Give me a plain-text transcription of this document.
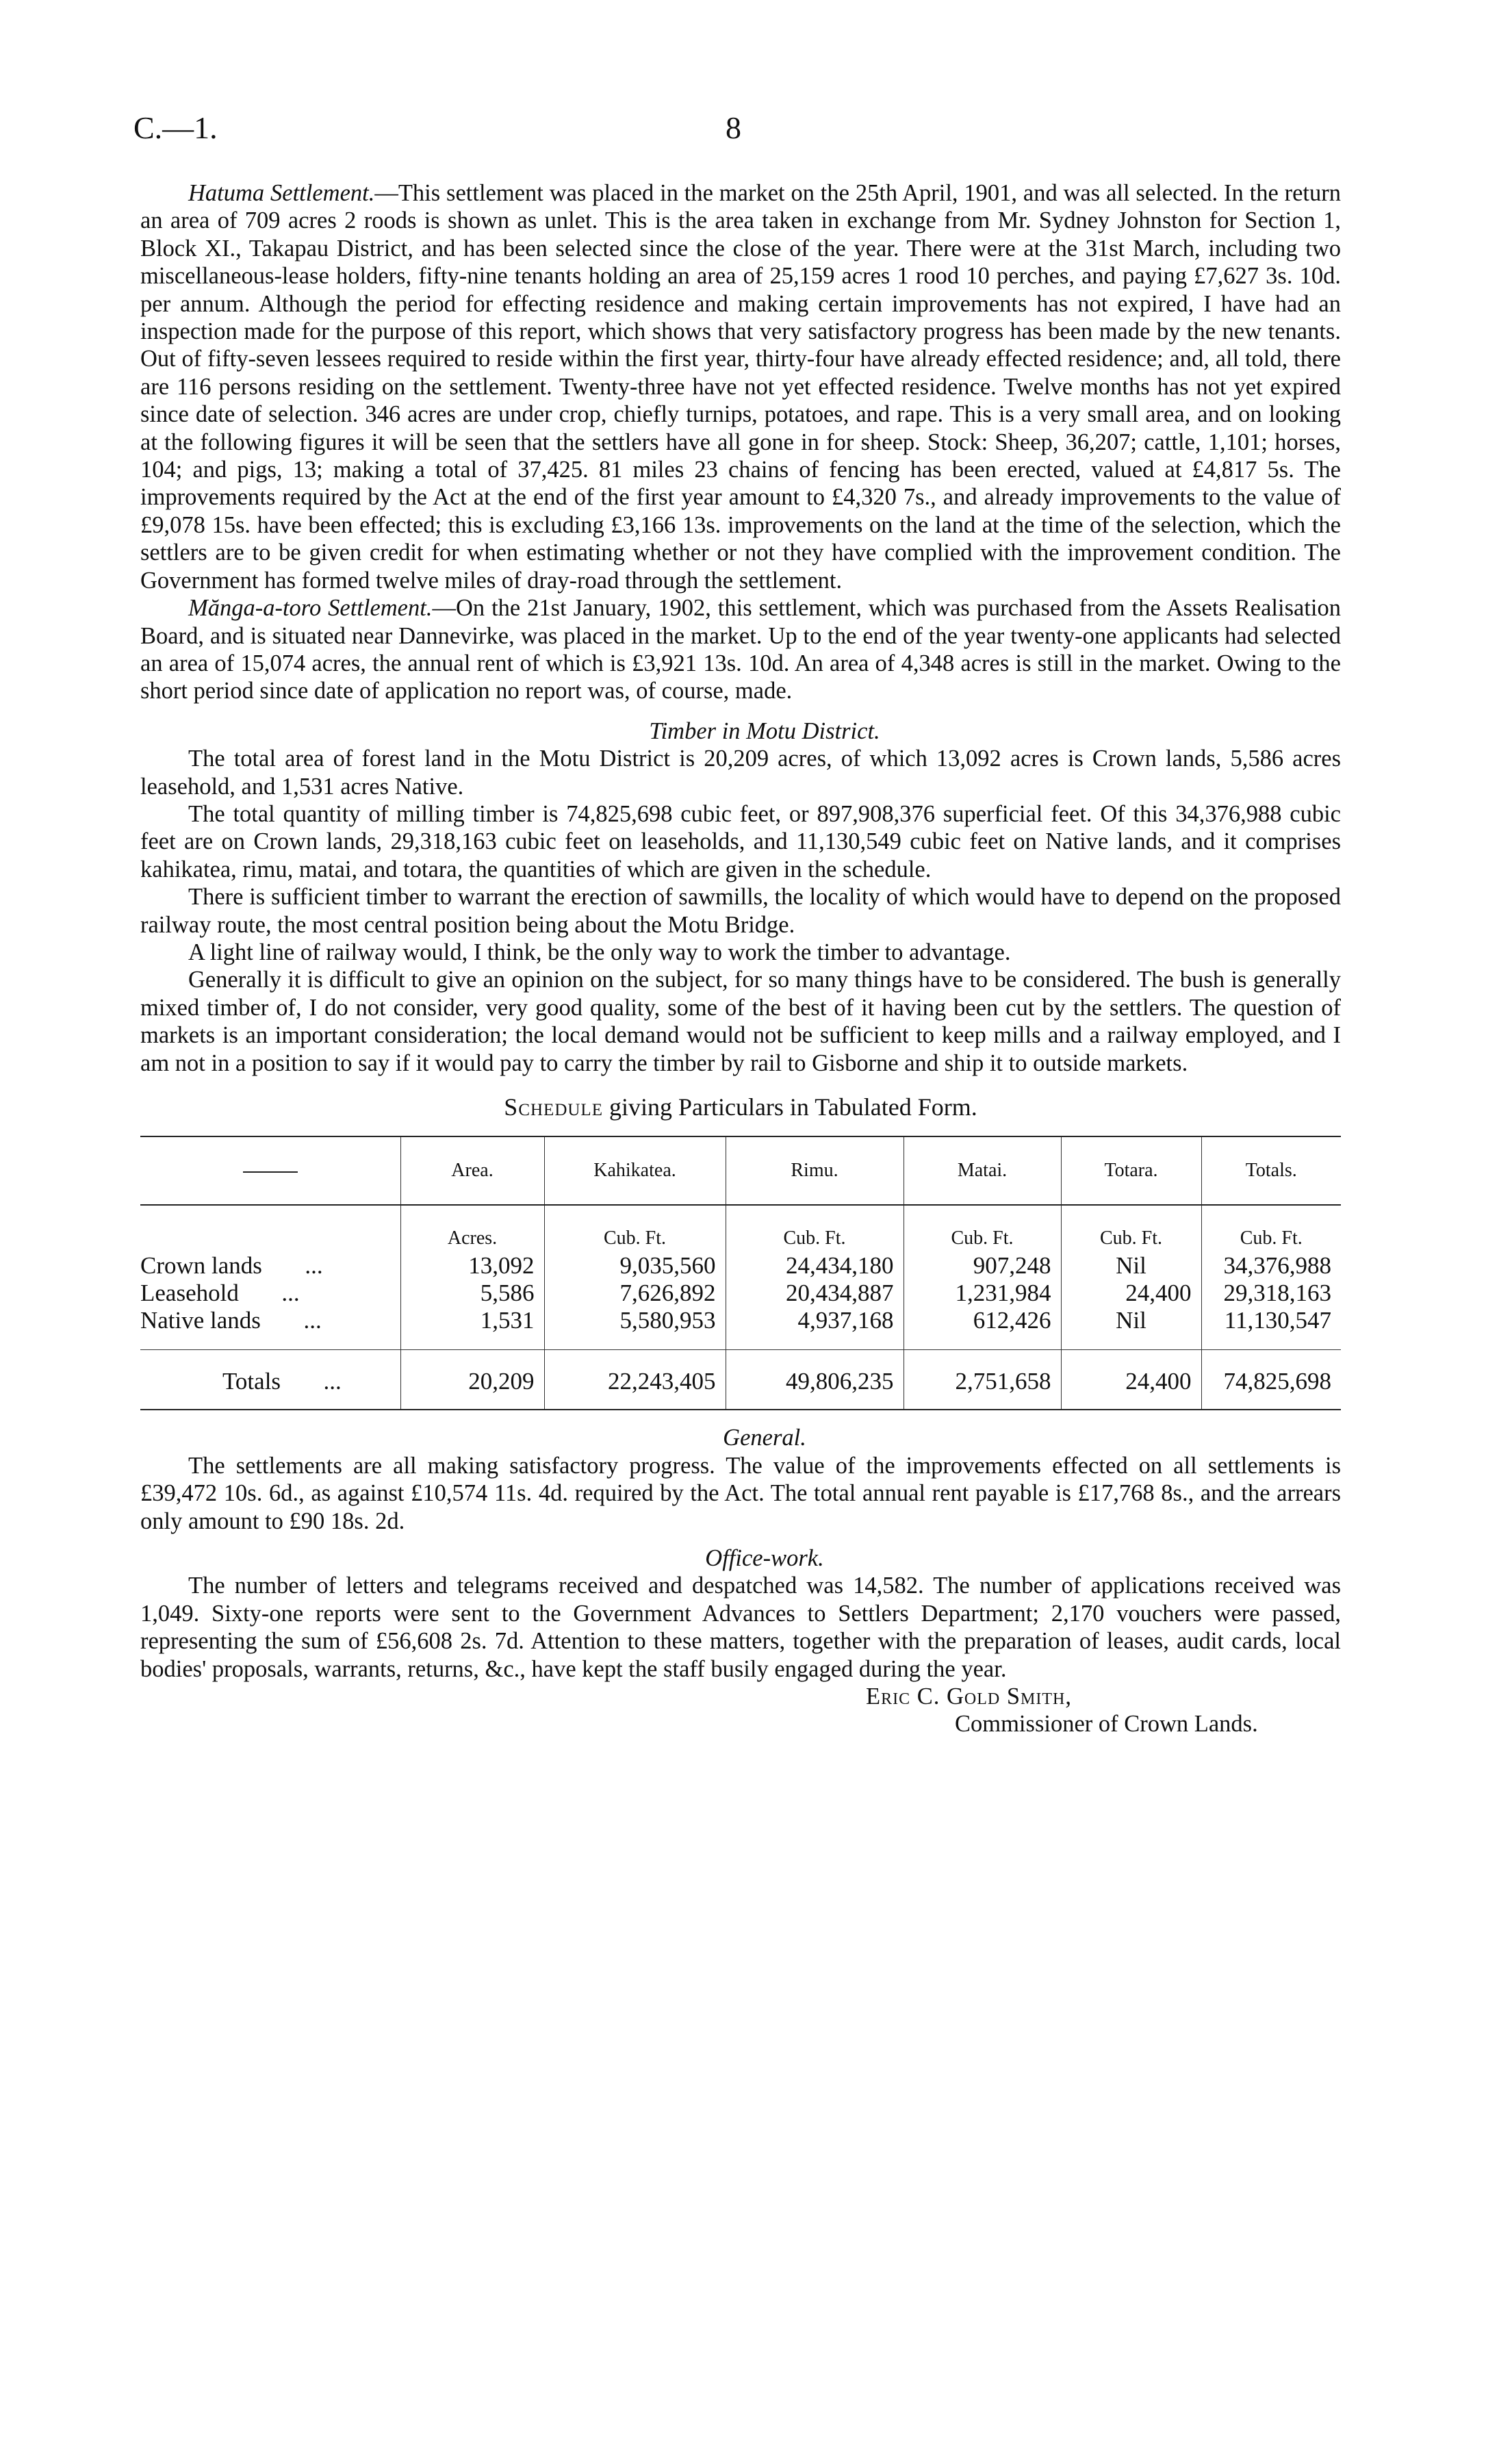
C.—1.	8

Hatuma Settlement.—This settlement was placed in the market on the 25th April, 1901, and was all selected. In the return an area of 709 acres 2 roods is shown as unlet. This is the area taken in exchange from Mr. Sydney Johnston for Section 1, Block XI., Takapau District, and has been selected since the close of the year. There were at the 31st March, including two miscellaneous-lease holders, fifty-nine tenants holding an area of 25,159 acres 1 rood 10 perches, and paying £7,627 3s. 10d. per annum. Although the period for effecting residence and making certain improvements has not expired, I have had an inspection made for the purpose of this report, which shows that very satisfactory progress has been made by the new tenants. Out of fifty-seven lessees required to reside within the first year, thirty-four have already effected residence; and, all told, there are 116 persons residing on the settlement. Twenty-three have not yet effected residence. Twelve months has not yet expired since date of selection. 346 acres are under crop, chiefly turnips, potatoes, and rape. This is a very small area, and on looking at the following figures it will be seen that the settlers have all gone in for sheep. Stock: Sheep, 36,207; cattle, 1,101; horses, 104; and pigs, 13; making a total of 37,425. 81 miles 23 chains of fencing has been erected, valued at £4,817 5s. The improvements required by the Act at the end of the first year amount to £4,320 7s., and already improvements to the value of £9,078 15s. have been effected; this is excluding £3,166 13s. improvements on the land at the time of the selection, which the settlers are to be given credit for when estimating whether or not they have complied with the improvement condition. The Government has formed twelve miles of dray-road through the settlement.

Mănga-a-toro Settlement.—On the 21st January, 1902, this settlement, which was purchased from the Assets Realisation Board, and is situated near Dannevirke, was placed in the market. Up to the end of the year twenty-one applicants had selected an area of 15,074 acres, the annual rent of which is £3,921 13s. 10d. An area of 4,348 acres is still in the market. Owing to the short period since date of application no report was, of course, made.

Timber in Motu District.

The total area of forest land in the Motu District is 20,209 acres, of which 13,092 acres is Crown lands, 5,586 acres leasehold, and 1,531 acres Native.

The total quantity of milling timber is 74,825,698 cubic feet, or 897,908,376 superficial feet. Of this 34,376,988 cubic feet are on Crown lands, 29,318,163 cubic feet on leaseholds, and 11,130,549 cubic feet on Native lands, and it comprises kahikatea, rimu, matai, and totara, the quantities of which are given in the schedule.

There is sufficient timber to warrant the erection of sawmills, the locality of which would have to depend on the proposed railway route, the most central position being about the Motu Bridge.

A light line of railway would, I think, be the only way to work the timber to advantage.

Generally it is difficult to give an opinion on the subject, for so many things have to be considered. The bush is generally mixed timber of, I do not consider, very good quality, some of the best of it having been cut by the settlers. The question of markets is an important consideration; the local demand would not be sufficient to keep mills and a railway employed, and I am not in a position to say if it would pay to carry the timber by rail to Gisborne and ship it to outside markets.

Schedule giving Particulars in Tabulated Form.
	Area.	Kahikatea.	Rimu.	Matai.	Totara.	Totals.
	Acres.	Cub. Ft.	Cub. Ft.	Cub. Ft.	Cub. Ft.	Cub. Ft.
Crown lands ...	13,092	9,035,560	24,434,180	907,248	Nil	34,376,988
Leasehold ...	5,586	7,626,892	20,434,887	1,231,984	24,400	29,318,163
Native lands ...	1,531	5,580,953	4,937,168	612,426	Nil	11,130,547
Totals ...	20,209	22,243,405	49,806,235	2,751,658	24,400	74,825,698

General.

The settlements are all making satisfactory progress. The value of the improvements effected on all settlements is £39,472 10s. 6d., as against £10,574 11s. 4d. required by the Act. The total annual rent payable is £17,768 8s., and the arrears only amount to £90 18s. 2d.

Office-work.

The number of letters and telegrams received and despatched was 14,582. The number of applications received was 1,049. Sixty-one reports were sent to the Government Advances to Settlers Department; 2,170 vouchers were passed, representing the sum of £56,608 2s. 7d. Attention to these matters, together with the preparation of leases, audit cards, local bodies' proposals, warrants, returns, &c., have kept the staff busily engaged during the year.

Eric C. Gold Smith,

Commissioner of Crown Lands.
